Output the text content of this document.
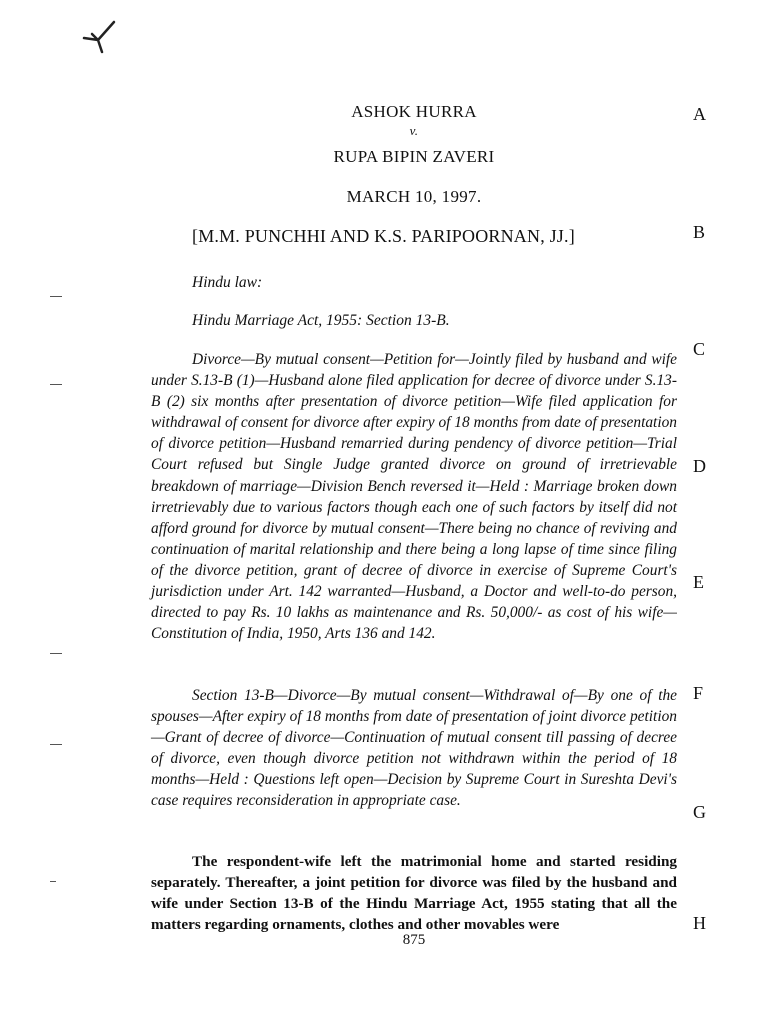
ASHOK HURRA
v.
RUPA BIPIN ZAVERI
MARCH 10, 1997.
[M.M. PUNCHHI AND K.S. PARIPOORNAN, JJ.]
Hindu law:
Hindu Marriage Act, 1955: Section 13-B.

Divorce—By mutual consent—Petition for—Jointly filed by husband and wife under S.13-B (1)—Husband alone filed application for decree of divorce under S.13-B (2) six months after presentation of divorce petition—Wife filed application for withdrawal of consent for divorce after expiry of 18 months from date of presentation of divorce petition—Husband remarried during pendency of divorce petition—Trial Court refused but Single Judge granted divorce on ground of irretrievable breakdown of marriage—Division Bench reversed it—Held : Marriage broken down irretrievably due to various factors though each one of such factors by itself did not afford ground for divorce by mutual consent—There being no chance of reviving and continuation of marital relationship and there being a long lapse of time since filing of the divorce petition, grant of decree of divorce in exercise of Supreme Court's jurisdiction under Art. 142 warranted—Husband, a Doctor and well-to-do person, directed to pay Rs. 10 lakhs as maintenance and Rs. 50,000/- as cost of his wife—Constitution of India, 1950, Arts 136 and 142.

Section 13-B—Divorce—By mutual consent—Withdrawal of—By one of the spouses—After expiry of 18 months from date of presentation of joint divorce petition—Grant of decree of divorce—Continuation of mutual consent till passing of decree of divorce, even though divorce petition not withdrawn within the period of 18 months—Held : Questions left open—Decision by Supreme Court in Sureshta Devi's case requires reconsideration in appropriate case.

The respondent-wife left the matrimonial home and started residing separately. Thereafter, a joint petition for divorce was filed by the husband and wife under Section 13-B of the Hindu Marriage Act, 1955 stating that all the matters regarding ornaments, clothes and other movables were

875
A
B
C
D
E
F
G
H
